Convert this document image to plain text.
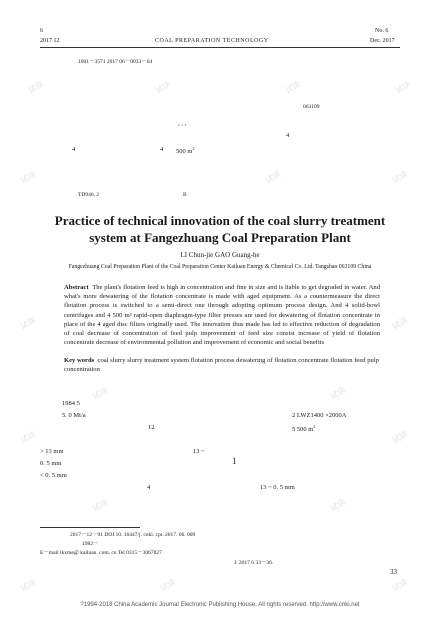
6
2017 12	COAL PREPARATION TECHNOLOGY
No. 6
Dec. 2017
1001－3571 2017 06－0033－04
063109
, , ,
4
4	4 500 $m^2$
TD946. 2	B
Practice of technical innovation of the coal slurry treatment system at Fangezhuang Coal Preparation Plant
LI Chun-jie GAO Guang-he
Fangezhuang Coal Preparation Plant of the Coal Preparation Center Kailuan Energy & Chemical Co. Ltd. Tangshan 063109 China
Abstract The plant's flotation feed is high in concentration and fine in size and is liable to get degraded in water. And what's more dewatering of the flotation concentrate is made with aged equipment. As a countermeasure the direct flotation process is switched to a semi-direct one through adopting optimum process design. And 4 solid-bowl centrifuges and 4 500 m² rapid-open diaphragm-type filter presses are used for dewatering of flotation concentrate in place of the 4 aged disc filters originally used. The innovation thus made has led to effective reduction of degradation of coal decrease of concentration of feed pulp improvement of feed size consist increase of yield of flotation concentrate decrease of environmental pollution and improvement of economic and social benefits
Key words coal slurry slurry treatment system flotation process dewatering of flotation concentrate flotation feed pulp concentration
1984 5
5. 0 Mt/a	2 LWZ1400 ×2000A
12	5 500 $m^2$
> 13 mm	13 ~
1
0. 5 mm
< 0. 5 mm
4	13 ~ 0. 5 mm
2017－12－01 DOI 10. 16447/j. cnki. cpt. 2017. 06. 009
1982－
E－mail lkxme@ kailuan. com. cn Tel 0315－3067827
J. 2017 6 33－36.
33
?1994-2018 China Academic Journal Electronic Publishing House. All rights reserved. http://www.cnki.net
试读	试读	试读	试读
试读	试读	试读
试读	试读
试读	试读
试读	试读
试读	试读
试读	试读	试读
